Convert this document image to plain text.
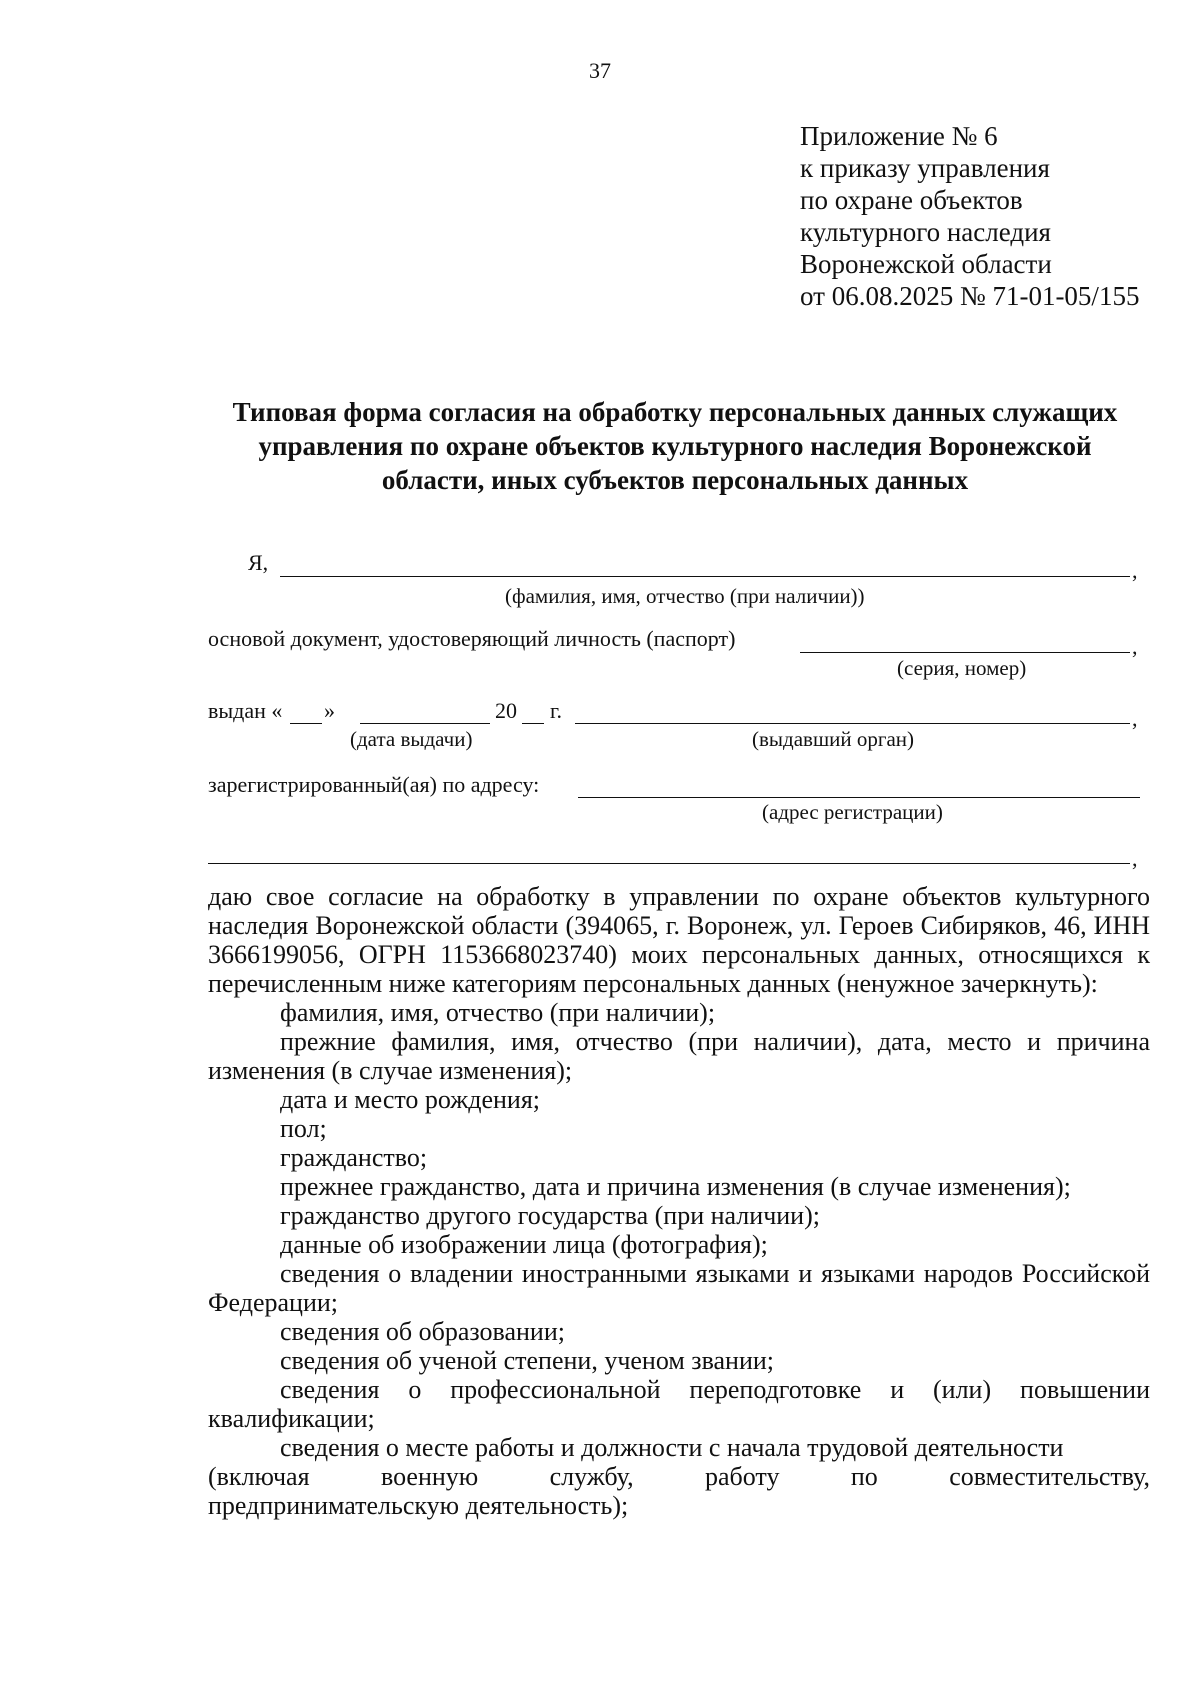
37
Приложение № 6
к приказу управления
по охране объектов
культурного наследия
Воронежской области
от 06.08.2025 № 71-01-05/155
Типовая форма согласия на обработку персональных данных служащих
управления по охране объектов культурного наследия Воронежской
области, иных субъектов персональных данных
Я,	,
(фамилия, имя, отчество (при наличии))
основой документ, удостоверяющий личность (паспорт)	,
(серия, номер)
выдан « »	20 г.	,
(дата выдачи)	(выдавший орган)
зарегистрированный(ая) по адресу:
(адрес регистрации)
,

даю свое согласие на обработку в управлении по охране объектов культурного наследия Воронежской области (394065, г. Воронеж, ул. Героев Сибиряков, 46, ИНН 3666199056, ОГРН 1153668023740) моих персональных данных, относящихся к перечисленным ниже категориям персональных данных (ненужное зачеркнуть):

фамилия, имя, отчество (при наличии);

прежние фамилия, имя, отчество (при наличии), дата, место и причина изменения (в случае изменения);

дата и место рождения;

пол;

гражданство;

прежнее гражданство, дата и причина изменения (в случае изменения);

гражданство другого государства (при наличии);

данные об изображении лица (фотография);

сведения о владении иностранными языками и языками народов Российской Федерации;

сведения об образовании;

сведения об ученой степени, ученом звании;

сведения о профессиональной переподготовке и (или) повышении квалификации;

сведения о месте работы и должности с начала трудовой деятельности

(включая военную службу, работу по совместительству,

предпринимательскую деятельность);
